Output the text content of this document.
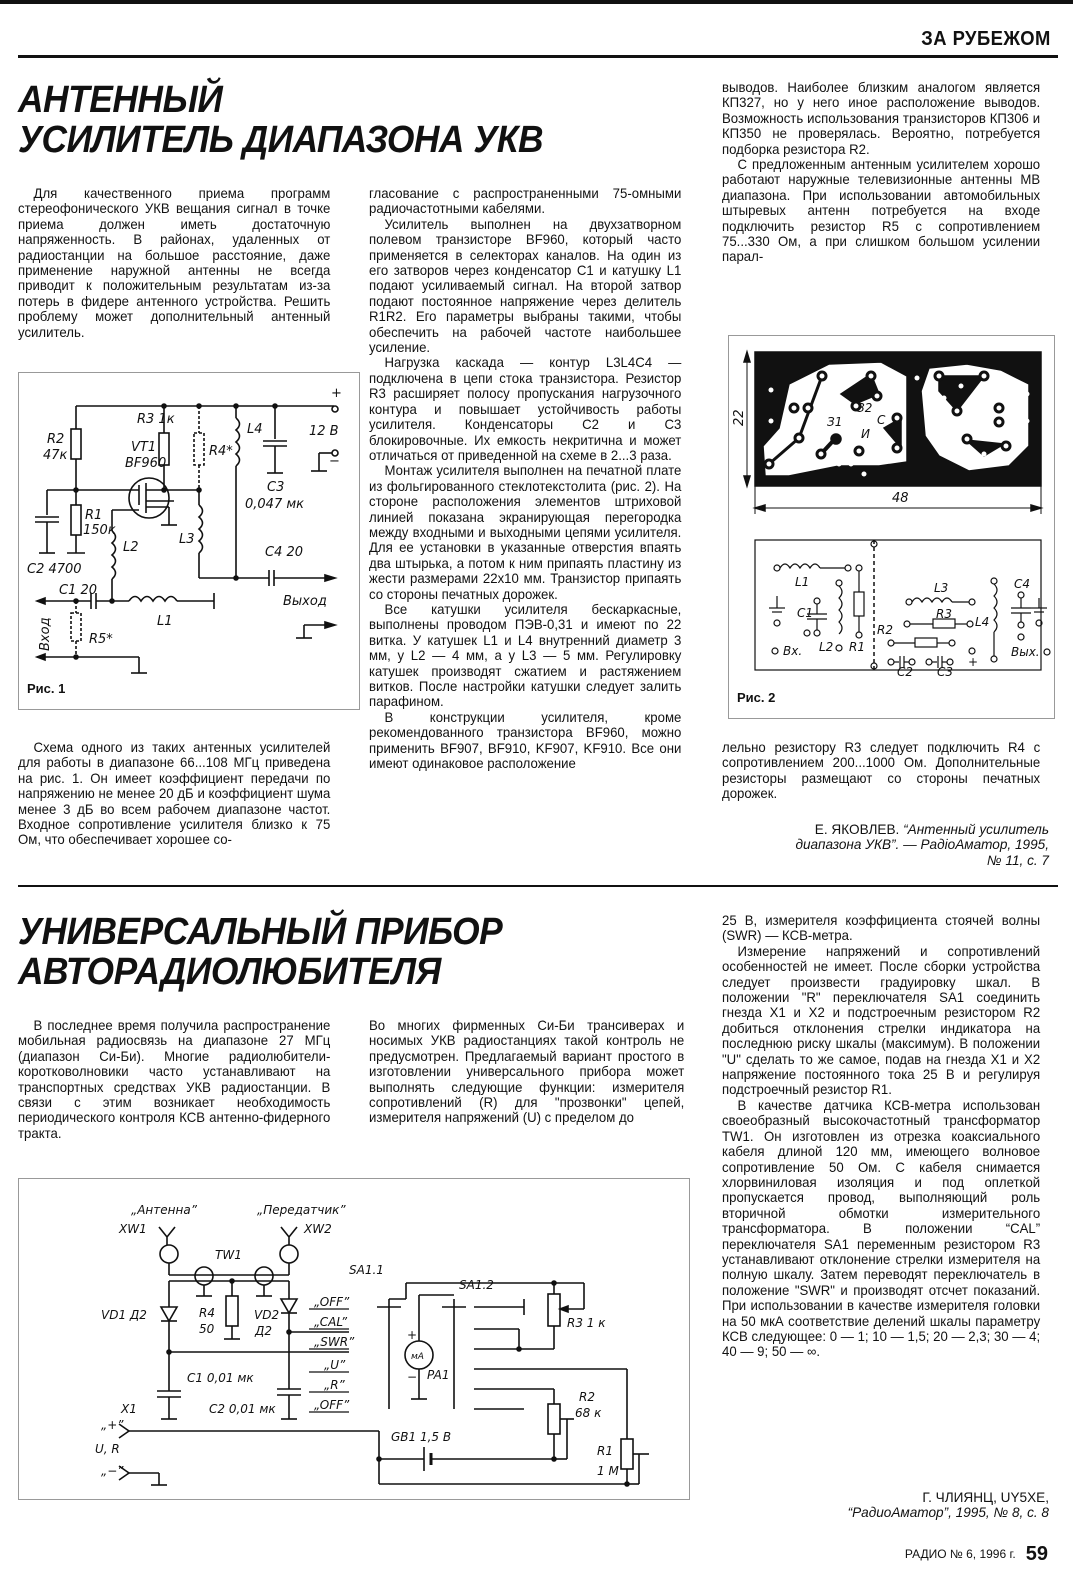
ЗА РУБЕЖОМ
АНТЕННЫЙ
УСИЛИТЕЛЬ ДИАПАЗОНА УКВ

Для качественного приема программ стереофонического УКВ вещания сигнал в точке приема должен иметь достаточную напряженность. В районах, удаленных от радиостанции на большое расстояние, даже применение наружной антенны не всегда приводит к положительным результатам из-за потерь в фидере антенного устройства. Решить проблему может дополнительный антенный усилитель.

R3 1к
R2
47к
VT1
BF960
R4*
L4	12 В
+
−
C3
0,047 мк
R1
150к
L2
L3
C4 20
C2 4700
C1 20
L1
Выход
R5*
Вход
Рис. 1

Схема одного из таких антенных усилителей для работы в диапазоне 66...108 МГц приведена на рис. 1. Он имеет коэффициент передачи по напряжению не менее 20 дБ и коэффициент шума менее 3 дБ во всем рабочем диапазоне частот. Входное сопротивление усилителя близко к 75 Ом, что обеспечивает хорошее со-

гласование с распространенными 75-омными радиочастотными кабелями.

Усилитель выполнен на двухзатворном полевом транзисторе BF960, который часто применяется в селекторах каналов. На один из его затворов через конденсатор С1 и катушку L1 подают усиливаемый сигнал. На второй затвор подают постоянное напряжение через делитель R1R2. Его параметры выбраны такими, чтобы обеспечить на рабочей частоте наибольшее усиление.

Нагрузка каскада — контур L3L4C4 — подключена в цепи стока транзистора. Резистор R3 расширяет полосу пропускания нагрузочного контура и повышает устойчивость работы усилителя. Конденсаторы С2 и С3 блокировочные. Их емкость некритична и может отличаться от приведенной на схеме в 2...3 раза.

Монтаж усилителя выполнен на печатной плате из фольгированного стеклотекстолита (рис. 2). На стороне расположения элементов штриховой линией показана экранирующая перегородка между входными и выходными цепями усилителя. Для ее установки в указанные отверстия впаять два штырька, а потом к ним припаять пластину из жести размерами 22x10 мм. Транзистор припаять со стороны печатных дорожек.

Все катушки усилителя бескаркасные, выполнены проводом ПЭВ-0,31 и имеют по 22 витка. У катушек L1 и L4 внутренний диаметр 3 мм, у L2 — 4 мм, а у L3 — 5 мм. Регулировку катушек производят сжатием и растяжением витков. После настройки катушки следует залить парафином.

В конструкции усилителя, кроме рекомендованного транзистора BF960, можно применить BF907, BF910, KF907, KF910. Все они имеют одинаковое расположение

выводов. Наиболее близким аналогом является КП327, но у него иное расположение выводов. Возможность использования транзисторов КП306 и КП350 не проверялась. Вероятно, потребуется подборка резистора R2.

С предложенным антенным усилителем хорошо работают наружные телевизионные антенны МВ диапазона. При использовании автомобильных штыревых антенн потребуется на входе подключить резистор R5 с сопротивлением 75...330 Ом, а при слишком большом усилении парал-

З1
З2
С
И
22
48
L1
C1
L2 R1
Вх.
L3
R3
R2
C2 C3
L4
C4
Вых.
+
Рис. 2

лельно резистору R3 следует подключить R4 с сопротивлением 200...1000 Ом. Дополнительные резисторы размещают со стороны печатных дорожек.

Е. ЯКОВЛЕВ. “Антенный усилитель
диапазона УКВ”. — РадіоАматор, 1995,
№ 11, с. 7
УНИВЕРСАЛЬНЫЙ ПРИБОР
АВТОРАДИОЛЮБИТЕЛЯ

В последнее время получила распространение мобильная радиосвязь на диапазоне 27 МГц (диапазон Си-Би). Многие радиолюбители-коротковолновики часто устанавливают на транспортных средствах УКВ радиостанции. В связи с этим возникает необходимость периодического контроля КСВ антенно-фидерного тракта.

Во многих фирменных Си-Би трансиверах и носимых УКВ радиостанциях такой контроль не предусмотрен. Предлагаемый вариант простого в изготовлении универсального прибора может выполнять следующие функции: измерителя сопротивлений (R) для "прозвонки" цепей, измерителя напряжений (U) с пределом до

25 В, измерителя коэффициента стоячей волны (SWR) — КСВ-метра.

Измерение напряжений и сопротивлений особенностей не имеет. После сборки устройства следует произвести градуировку шкал. В положении "R" переключателя SA1 соединить гнезда X1 и X2 и подстроечным резистором R2 добиться отклонения стрелки индикатора на последнюю риску шкалы (максимум). В положении "U" сделать то же самое, подав на гнезда X1 и X2 напряжение постоянного тока 25 В и регулируя подстроечный резистор R1.

В качестве датчика КСВ-метра использован своеобразный высокочастотный трансформатор TW1. Он изготовлен из отрезка коаксиального кабеля длиной 120 мм, имеющего волновое сопротивление 50 Ом. С кабеля снимается хлорвиниловая изоляция и под оплеткой пропускается провод, выполняющий роль вторичной обмотки измерительного трансформатора. В положении “CAL” переключателя SA1 переменным резистором R3 устанавливают отклонение стрелки измерителя на полную шкалу. Затем переводят переключатель в положение "SWR" и производят отсчет показаний. При использовании в качестве измерителя головки на 50 мкА соответствие делений шкалы параметру КСВ следующее: 0 — 1; 10 — 1,5; 20 — 2,3; 30 — 4; 40 — 9; 50 — ∞.

Г. ЧЛИЯНЦ, UY5XE,
“РадиоАматор”, 1995, № 8, с. 8
„Антенна”
XW1
„Передатчик”
XW2
TW1
SA1.1
SA1.2
„OFF”
„CAL”
„SWR”
„U”
„R”
„OFF”
VD1 Д2	R4
50
VD2
Д2
C1 0,01 мк
C2 0,01 мк
X1
„+”
U, R
„−”
мА
+
− PA1
R3 1 к
R2
68 к
GB1 1,5 В
R1
1 М
РАДИО № 6, 1996 г. 59
